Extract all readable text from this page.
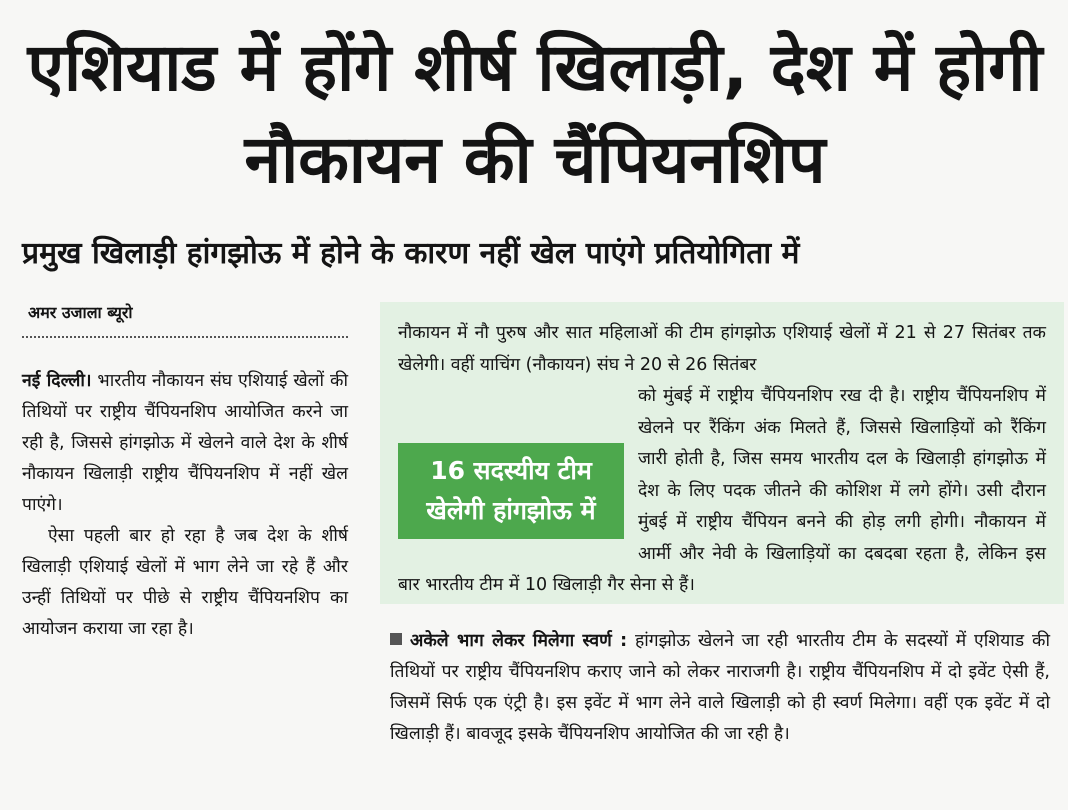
एशियाड में होंगे शीर्ष खिलाड़ी, देश में होगी नौकायन की चैंपियनशिप
प्रमुख खिलाड़ी हांगझोऊ में होने के कारण नहीं खेल पाएंगे प्रतियोगिता में
अमर उजाला ब्यूरो

नई दिल्ली। भारतीय नौकायन संघ एशियाई खेलों की तिथियों पर राष्ट्रीय चैंपियनशिप आयोजित करने जा रही है, जिससे हांगझोऊ में खेलने वाले देश के शीर्ष नौकायन खिलाड़ी राष्ट्रीय चैंपियनशिप में नहीं खेल पाएंगे।

ऐसा पहली बार हो रहा है जब देश के शीर्ष खिलाड़ी एशियाई खेलों में भाग लेने जा रहे हैं और उन्हीं तिथियों पर पीछे से राष्ट्रीय चैंपियनशिप का आयोजन कराया जा रहा है।

नौकायन में नौ पुरुष और सात महिलाओं की टीम हांगझोऊ एशियाई खेलों में 21 से 27 सितंबर तक खेलेगी। वहीं याचिंग (नौकायन) संघ ने 20 से 26 सितंबर

16 सदस्यीय टीम
खेलेगी हांगझोऊ में

को मुंबई में राष्ट्रीय चैंपियनशिप रख दी है। राष्ट्रीय चैंपियनशिप में खेलने पर रैंकिंग अंक मिलते हैं, जिससे खिलाड़ियों को रैंकिंग जारी होती है, जिस समय भारतीय दल के खिलाड़ी हांगझोऊ में देश के लिए पदक जीतने की कोशिश में लगे होंगे। उसी दौरान मुंबई में राष्ट्रीय चैंपियन बनने की होड़ लगी होगी। नौकायन में आर्मी और नेवी के खिलाड़ियों का दबदबा रहता है, लेकिन इस बार भारतीय टीम में 10 खिलाड़ी गैर सेना से हैं।

अकेले भाग लेकर मिलेगा स्वर्ण : हांगझोऊ खेलने जा रही भारतीय टीम के सदस्यों में एशियाड की तिथियों पर राष्ट्रीय चैंपियनशिप कराए जाने को लेकर नाराजगी है। राष्ट्रीय चैंपियनशिप में दो इवेंट ऐसी हैं, जिसमें सिर्फ एक एंट्री है। इस इवेंट में भाग लेने वाले खिलाड़ी को ही स्वर्ण मिलेगा। वहीं एक इवेंट में दो खिलाड़ी हैं। बावजूद इसके चैंपियनशिप आयोजित की जा रही है।
